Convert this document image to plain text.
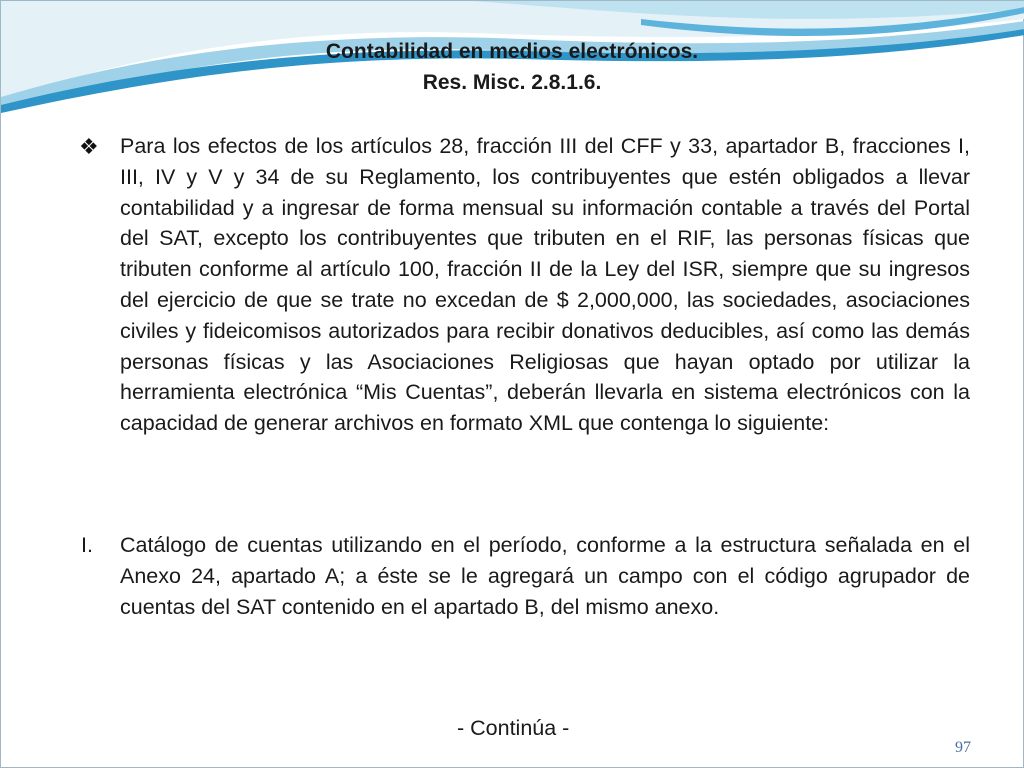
Contabilidad en medios electrónicos.
Res. Misc. 2.8.1.6.
❖ Para los efectos de los artículos 28, fracción III del CFF y 33, apartador B, fracciones I, III, IV y V y 34 de su Reglamento, los contribuyentes que estén obligados a llevar contabilidad y a ingresar de forma mensual su información contable a través del Portal del SAT, excepto los contribuyentes que tributen en el RIF, las personas físicas que tributen conforme al artículo 100, fracción II de la Ley del ISR, siempre que su ingresos del ejercicio de que se trate no excedan de $ 2,000,000, las sociedades, asociaciones civiles y fideicomisos autorizados para recibir donativos deducibles, así como las demás personas físicas y las Asociaciones Religiosas que hayan optado por utilizar la herramienta electrónica “Mis Cuentas”, deberán llevarla en sistema electrónicos con la capacidad de generar archivos en formato XML que contenga lo siguiente:

I. Catálogo de cuentas utilizando en el período, conforme a la estructura señalada en el Anexo 24, apartado A; a éste se le agregará un campo con el código agrupador de cuentas del SAT contenido en el apartado B, del mismo anexo.

- Continúa -
97
